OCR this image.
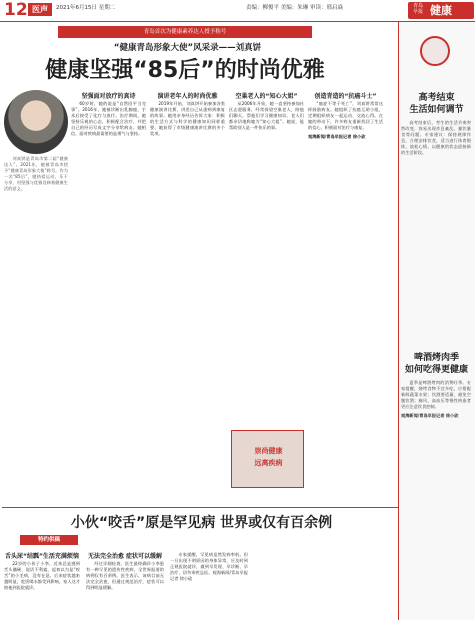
12 医声	2021年6月15日 星期二	责编：柳俊平 美编：朱琳 审读：邢启焱	青岛早报 健康
青岛首次为健康素养达人授予称号
“健康青岛形象大使”风采录——刘真饼
健康坚强“85后”的时尚优雅

刘真饼是青岛市第二届“健康达人”。2021年，她被青岛市授予“健康青岛形象大使”称号。作为一名“85后”，她热爱运动，乐于分享，用坚强与优雅诠释着健康生活的意义。

坚强面对放疗的真诗

60岁时，她的说是“自然回平当完事”。2016年，她被诊断出乳腺癌，手术后接受了化疗与放疗。治疗期间，她坚持乐观的心态，积极配合治疗，并把自己的经历写成文字分享给病友。她相信，面对疾病最需要的是勇气与坚持。

演讲老年人的时尚优雅

2019年开始，刘真饼开始参加各类健康演讲比赛，讲述自己从患病到康复的故事。她用亲身经历告诉大家：积极的生活方式与科学的健康知识同样重要。她获得了市级健康演讲比赛的多个奖项。

空巢老人的“知心大姐”

从2006年开始，她一直坚持参加社区志愿服务，经常探望空巢老人，陪他们聊天，帮他们学习健康知识。老人们都亲切地称她为“知心大姐”。她说，能帮助别人是一件快乐的事。

创造青造的“抗癌斗士”

“癌症不等于死亡”，刘真饼常常这样鼓励病友。她组织了抗癌互助小组，定期组织病友一起运动、交流心得。在她的带动下，许多病友重新找回了生活的信心，积极面对治疗与康复。

观海新闻/青岛早报记者 徐小砍

崇尚健康
远离疾病
小伙“咬舌”原是罕见病 世界或仅有百余例
特约供稿
舌头尿“结瓢”生活充满烦恼

22岁的小伙子小李，近来总是感到舌头僵硬、说话不利索，起初以为是“咬舌”的小毛病，没有在意。后来症状越来越明显，吃饭喝水都受到影响，家人这才陪他到医院就诊。

无法完全治愈 症状可以缓解

经过详细检查，医生最终确诊小李患有一种罕见的遗传性疾病，全世界报道的病例仅有百余例。医生表示，该病目前无法完全治愈，但通过规范治疗，症状可以得到明显缓解。

专家提醒，罕见病虽然发病率低，但一旦出现不明原因的身体异常，应及时到正规医院就诊，做到早发现、早诊断、早治疗，切勿讳疾忌医。观海新闻/青岛早报记者 徐小砍

高考结束
生活如何调节

高考结束后，考生的生活节奏突然改变，容易出现作息紊乱、暴饮暴食等问题。专家建议：保持规律作息，合理安排饮食，适当进行体育锻炼，放松心情，以健康的状态迎接新的生活阶段。

啤酒烤肉季
如何吃得更健康

夏季是啤酒烤肉的消费旺季。专家提醒，烧烤食物不宜多吃，应搭配新鲜蔬菜水果；饮酒要适量，避免空腹饮酒；痛风、高血压等慢性病患者更应注意饮食控制。

观海新闻/青岛早报记者 徐小砍
